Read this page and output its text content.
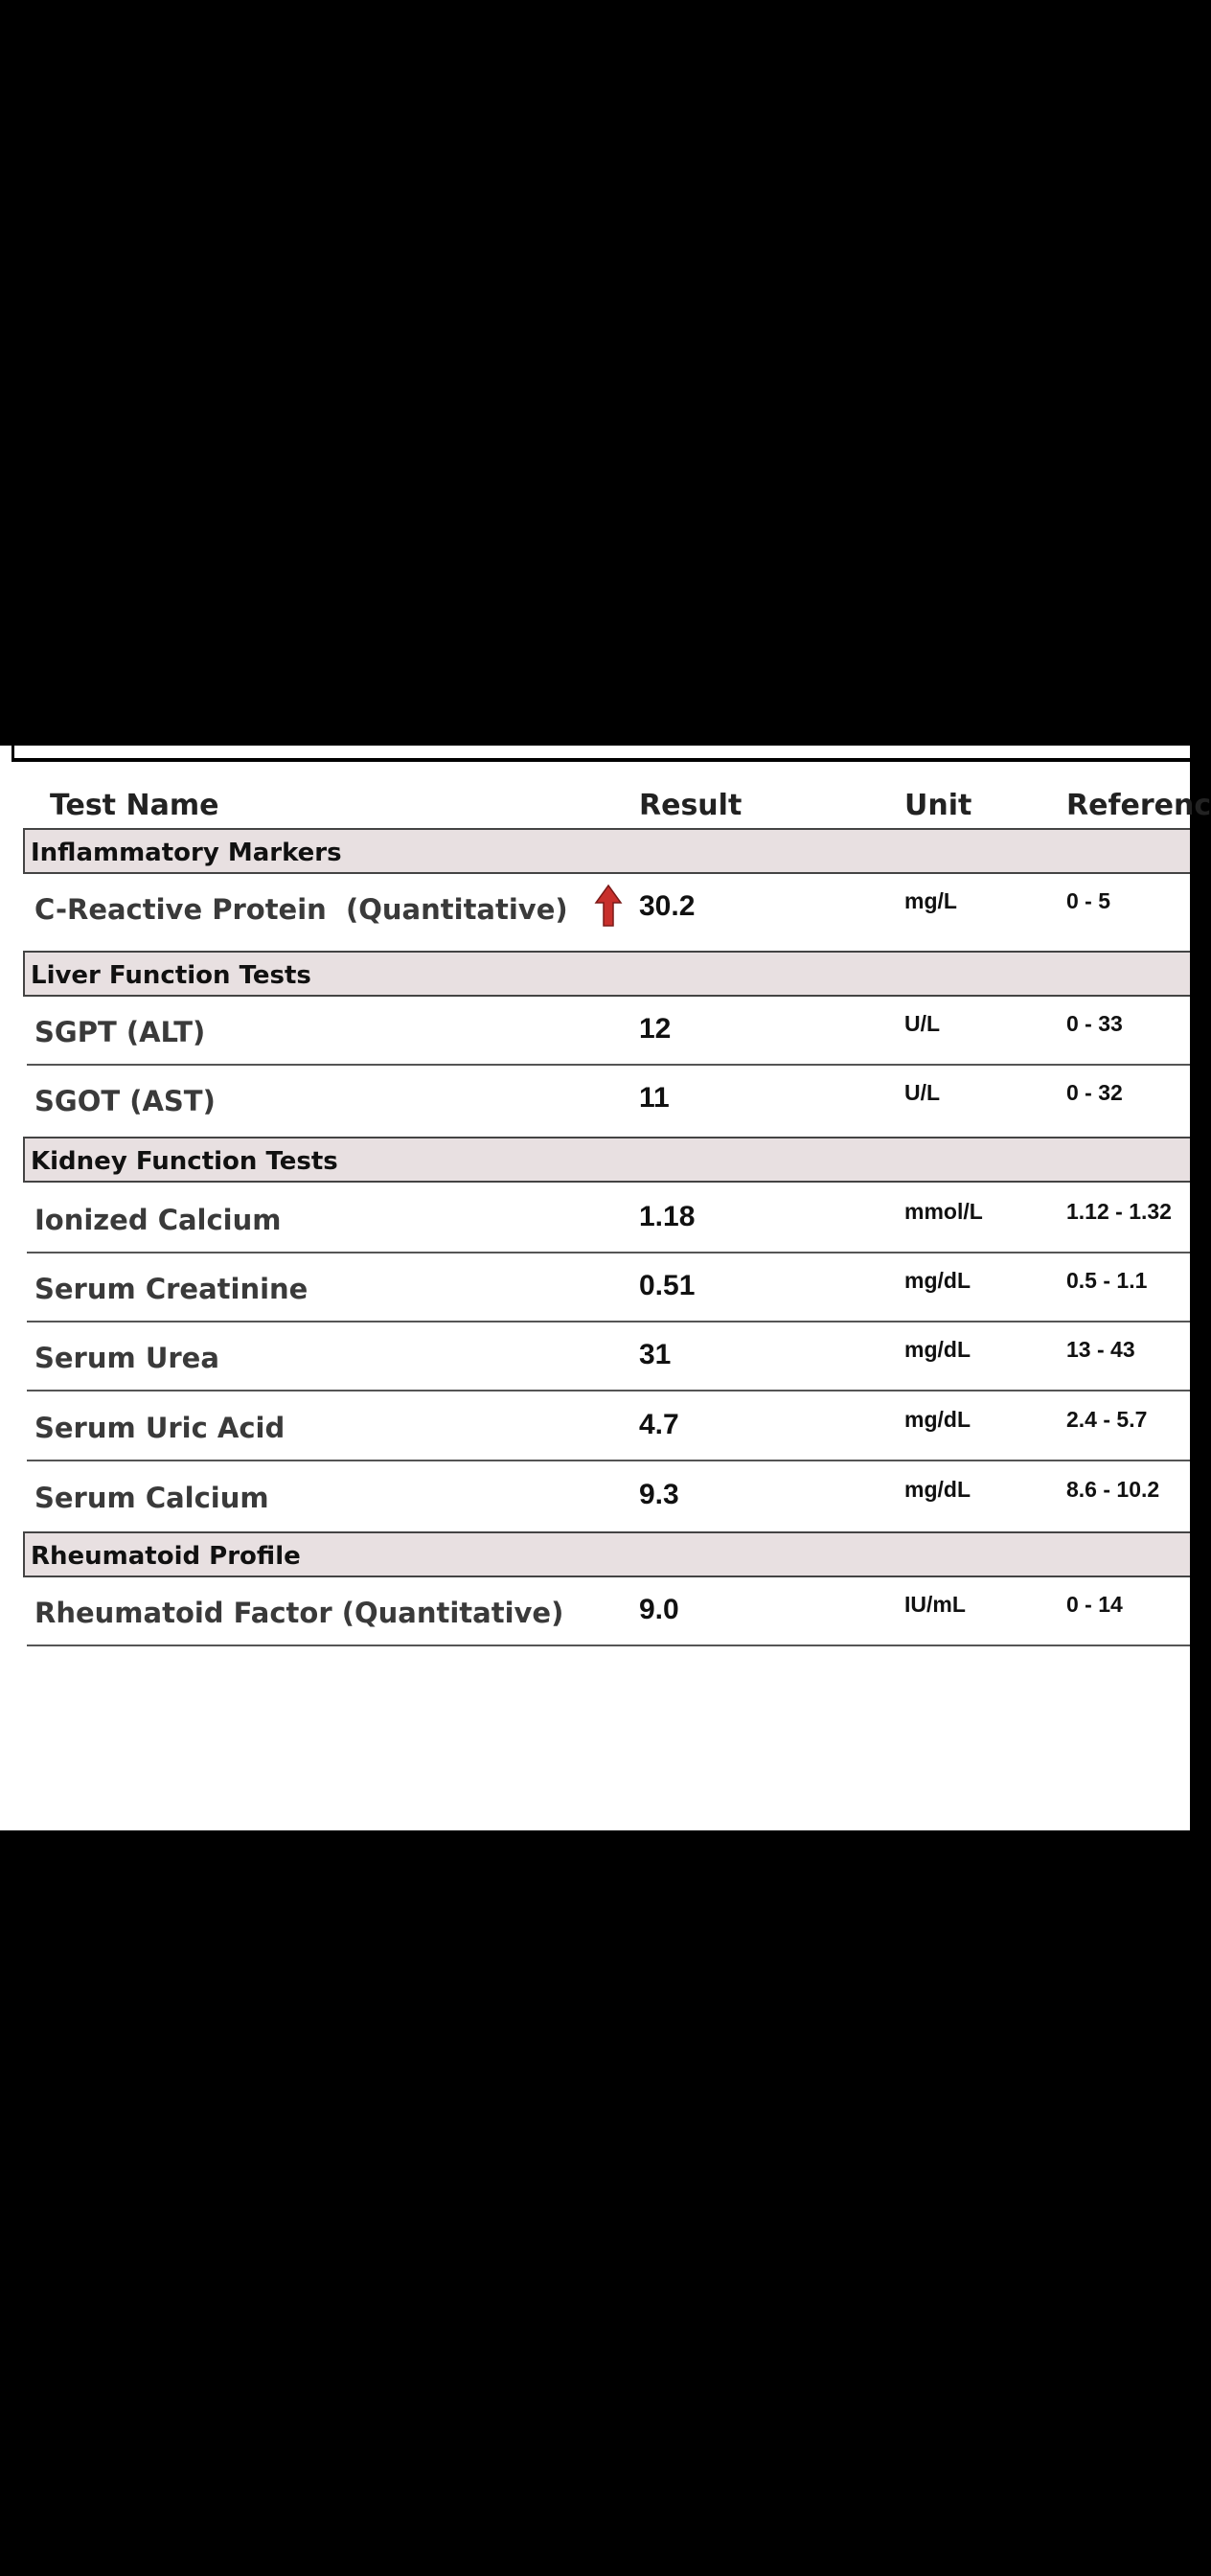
Test Name	Result	Unit	Referenc
Inflammatory Markers
C-Reactive Protein  (Quantitative) 30.2	mg/L	0 - 5
Liver Function Tests
SGPT (ALT)	12	U/L	0 - 33
SGOT (AST)	11	U/L	0 - 32
Kidney Function Tests
Ionized Calcium	1.18	mmol/L	1.12 - 1.32
Serum Creatinine	0.51	mg/dL	0.5 - 1.1
Serum Urea	31	mg/dL	13 - 43
Serum Uric Acid	4.7	mg/dL	2.4 - 5.7
Serum Calcium	9.3	mg/dL	8.6 - 10.2
Rheumatoid Profile
Rheumatoid Factor (Quantitative)	9.0	IU/mL	0 - 14
